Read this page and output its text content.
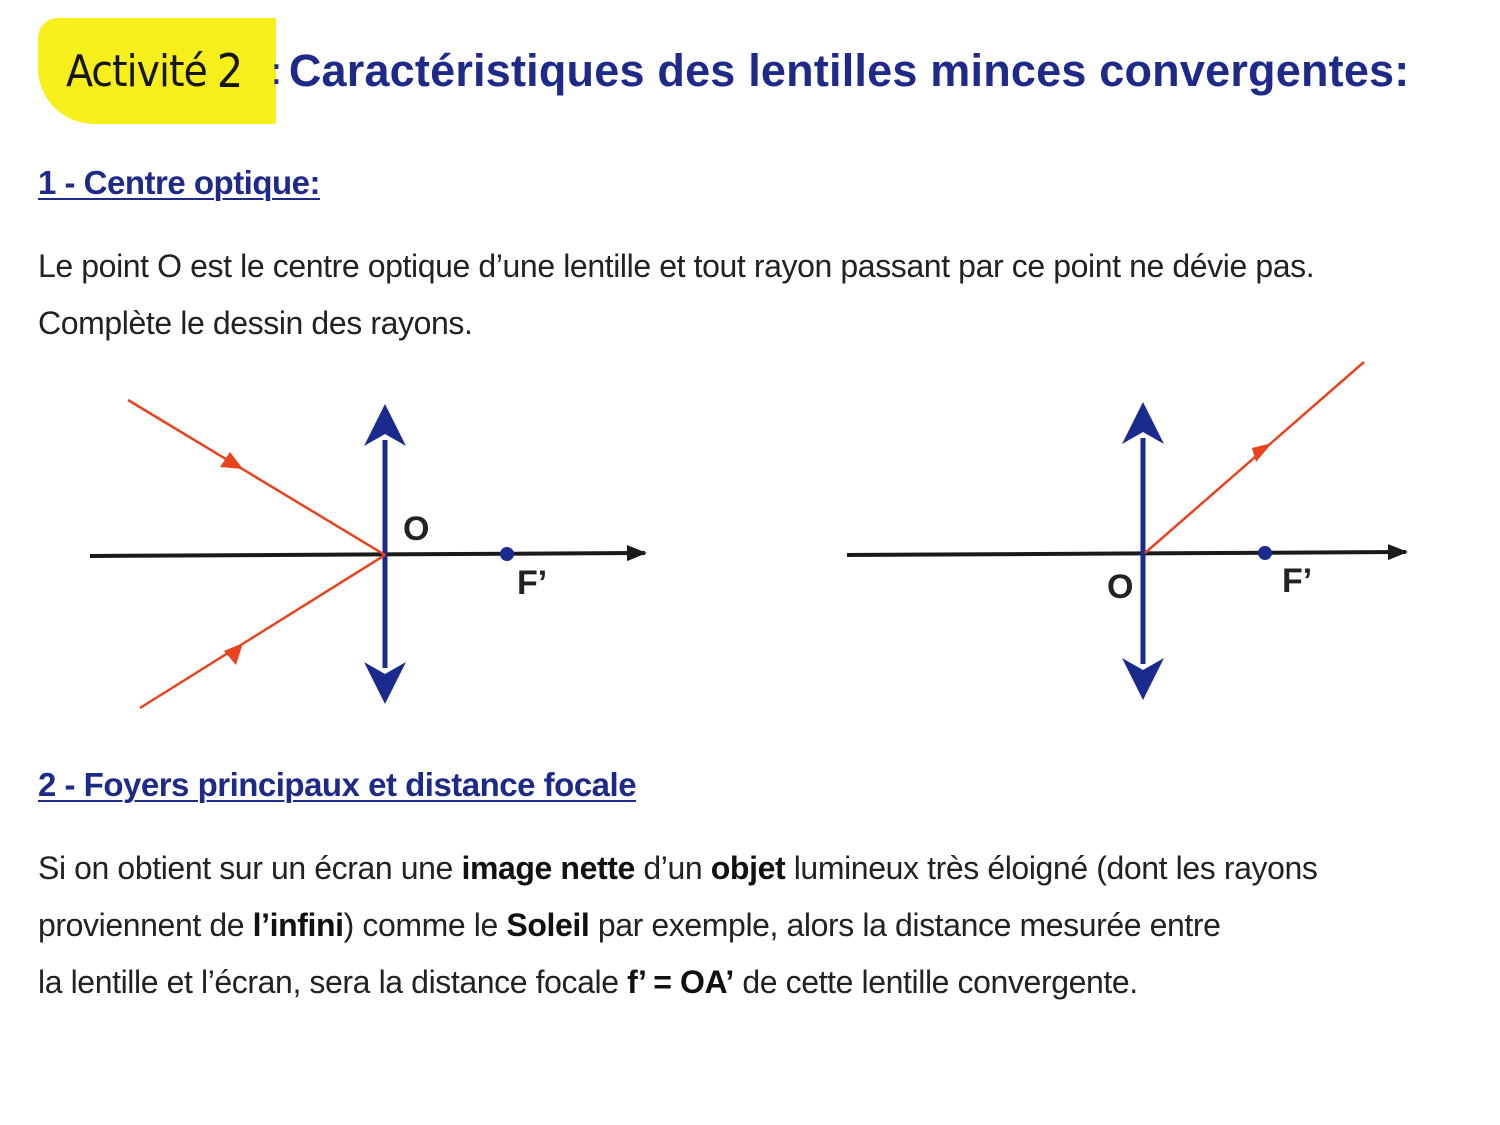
Activité 2 : Caractéristiques des lentilles minces convergentes:
1 - Centre optique:
Le point O est le centre optique d’une lentille et tout rayon passant par ce point ne dévie pas.
Complète le dessin des rayons.
O
F’	O	F’
2 - Foyers principaux et distance focale
Si on obtient sur un écran une image nette d’un objet lumineux très éloigné (dont les rayons
proviennent de l’infini) comme le Soleil par exemple, alors la distance mesurée entre
la lentille et l’écran, sera la distance focale f’ = OA’ de cette lentille convergente.
